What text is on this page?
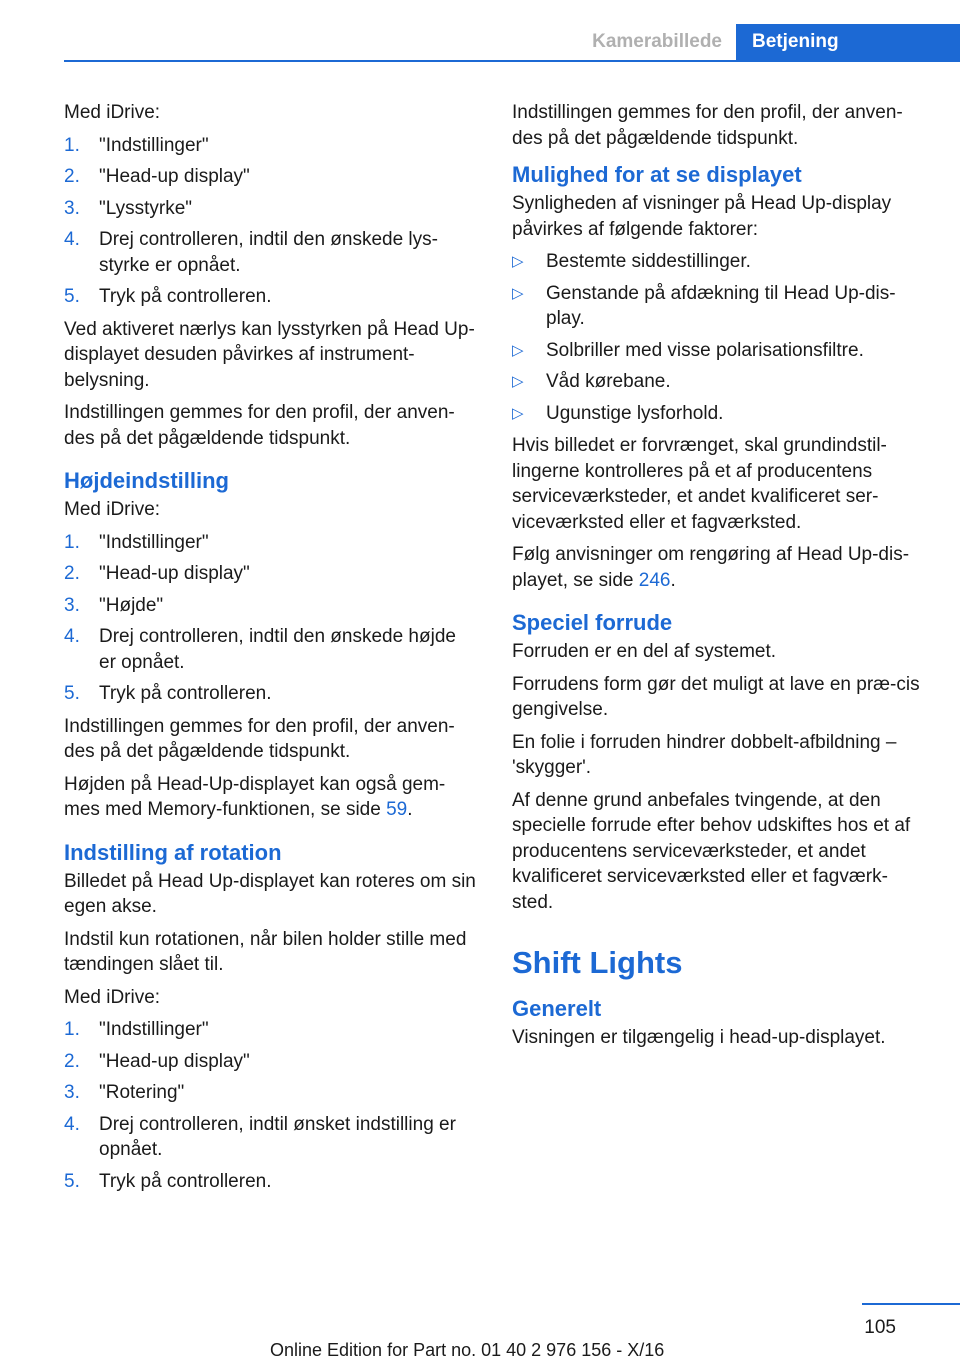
Kamerabillede	Betjening

Med iDrive:

1. "Indstillinger"
2. "Head-up display"
3. "Lysstyrke"
4. Drej controlleren, indtil den ønskede lys-styrke er opnået.
5. Tryk på controlleren.

Ved aktiveret nærlys kan lysstyrken på Head Up-displayet desuden påvirkes af instrument-belysning.

Indstillingen gemmes for den profil, der anven-des på det pågældende tidspunkt.

Højdeindstilling

Med iDrive:

1. "Indstillinger"
2. "Head-up display"
3. "Højde"
4. Drej controlleren, indtil den ønskede højde er opnået.
5. Tryk på controlleren.

Indstillingen gemmes for den profil, der anven-des på det pågældende tidspunkt.

Højden på Head-Up-displayet kan også gem-mes med Memory-funktionen, se side 59.

Indstilling af rotation

Billedet på Head Up-displayet kan roteres om sin egen akse.

Indstil kun rotationen, når bilen holder stille med tændingen slået til.

Med iDrive:

1. "Indstillinger"
2. "Head-up display"
3. "Rotering"
4. Drej controlleren, indtil ønsket indstilling er opnået.
5. Tryk på controlleren.

Indstillingen gemmes for den profil, der anven-des på det pågældende tidspunkt.

Mulighed for at se displayet

Synligheden af visninger på Head Up-display påvirkes af følgende faktorer:

▷ Bestemte siddestillinger.
▷ Genstande på afdækning til Head Up-dis-play.
▷ Solbriller med visse polarisationsfiltre.
▷ Våd kørebane.
▷ Ugunstige lysforhold.

Hvis billedet er forvrænget, skal grundindstil-lingerne kontrolleres på et af producentens serviceværksteder, et andet kvalificeret ser-viceværksted eller et fagværksted.

Følg anvisninger om rengøring af Head Up-dis-playet, se side 246.

Speciel forrude

Forruden er en del af systemet.

Forrudens form gør det muligt at lave en præ-cis gengivelse.

En folie i forruden hindrer dobbelt-afbildning – 'skygger'.

Af denne grund anbefales tvingende, at den specielle forrude efter behov udskiftes hos et af producentens serviceværksteder, et andet kvalificeret serviceværksted eller et fagværk-sted.

Shift Lights
Generelt

Visningen er tilgængelig i head-up-displayet.

105
Online Edition for Part no. 01 40 2 976 156 - X/16
